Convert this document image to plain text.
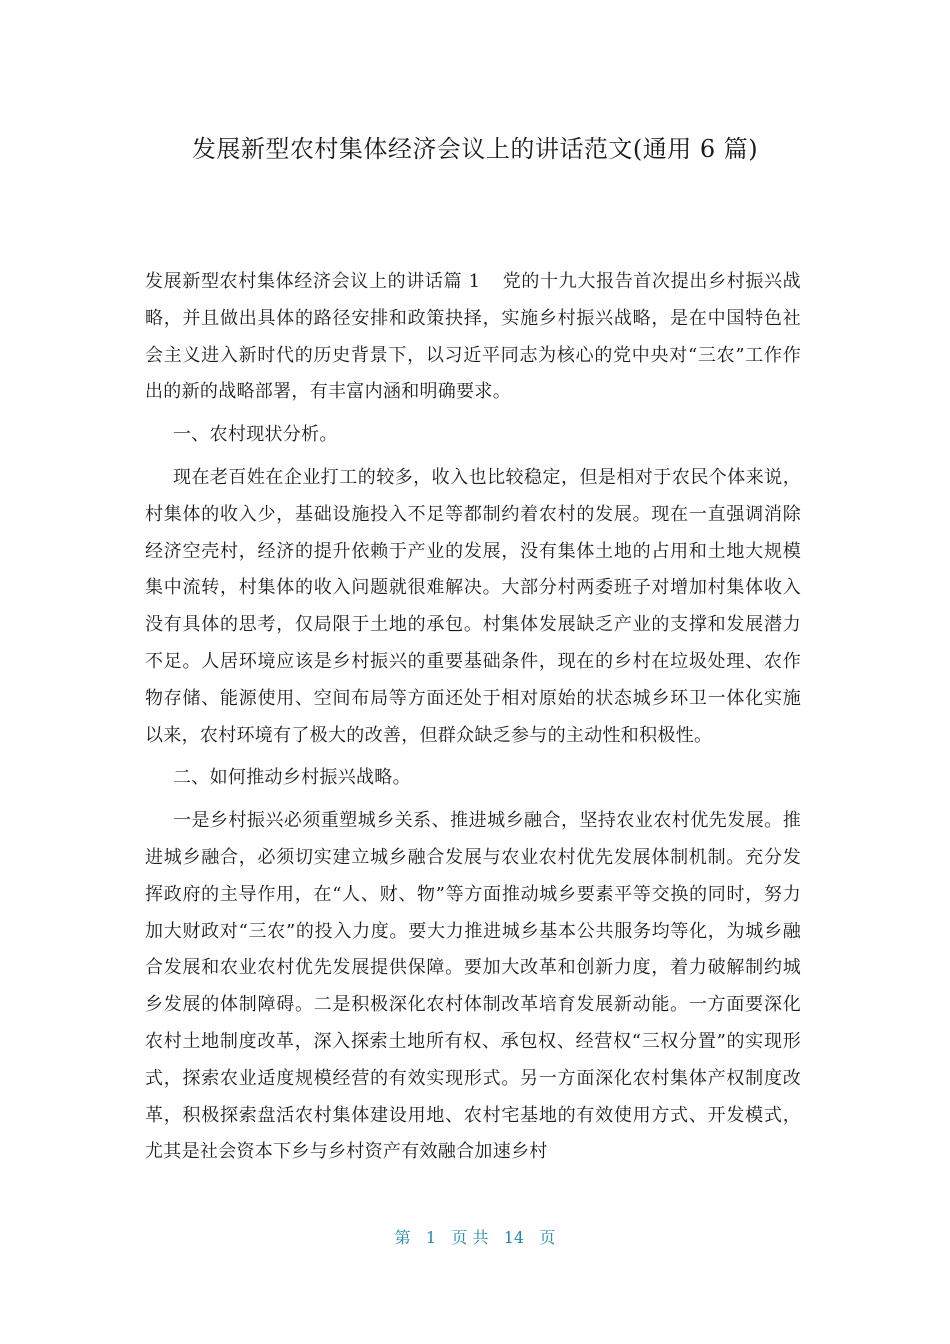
发展新型农村集体经济会议上的讲话范文(通用 6 篇)

发展新型农村集体经济会议上的讲话篇 1 党的十九大报告首次提出乡村振兴战略，并且做出具体的路径安排和政策抉择，实施乡村振兴战略，是在中国特色社会主义进入新时代的历史背景下，以习近平同志为核心的党中央对“三农”工作作出的新的战略部署，有丰富内涵和明确要求。

一、农村现状分析。

现在老百姓在企业打工的较多，收入也比较稳定，但是相对于农民个体来说，村集体的收入少，基础设施投入不足等都制约着农村的发展。现在一直强调消除经济空壳村，经济的提升依赖于产业的发展，没有集体土地的占用和土地大规模集中流转，村集体的收入问题就很难解决。大部分村两委班子对增加村集体收入没有具体的思考，仅局限于土地的承包。村集体发展缺乏产业的支撑和发展潜力不足。人居环境应该是乡村振兴的重要基础条件，现在的乡村在垃圾处理、农作物存储、能源使用、空间布局等方面还处于相对原始的状态城乡环卫一体化实施以来，农村环境有了极大的改善，但群众缺乏参与的主动性和积极性。

二、如何推动乡村振兴战略。

一是乡村振兴必须重塑城乡关系、推进城乡融合，坚持农业农村优先发展。推进城乡融合，必须切实建立城乡融合发展与农业农村优先发展体制机制。充分发挥政府的主导作用，在“人、财、物”等方面推动城乡要素平等交换的同时，努力加大财政对“三农”的投入力度。要大力推进城乡基本公共服务均等化，为城乡融合发展和农业农村优先发展提供保障。要加大改革和创新力度，着力破解制约城乡发展的体制障碍。二是积极深化农村体制改革培育发展新动能。一方面要深化农村土地制度改革，深入探索土地所有权、承包权、经营权“三权分置”的实现形式，探索农业适度规模经营的有效实现形式。另一方面深化农村集体产权制度改革，积极探索盘活农村集体建设用地、农村宅基地的有效使用方式、开发模式，尤其是社会资本下乡与乡村资产有效融合加速乡村

第 1 页 共 14 页
